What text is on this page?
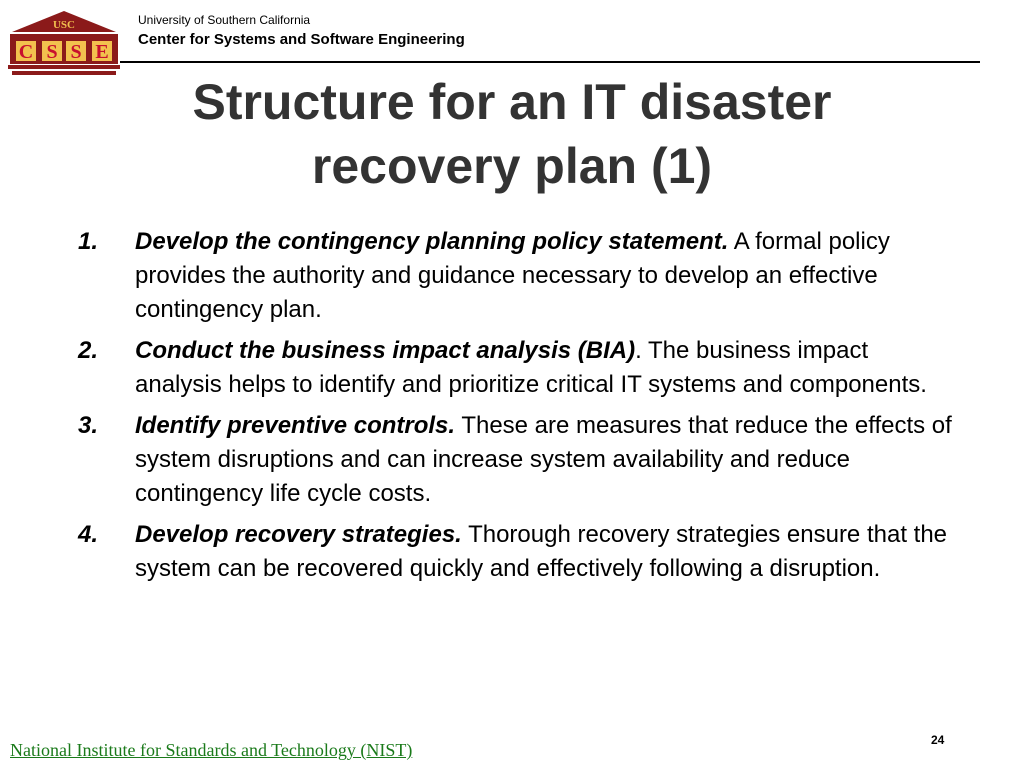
USC
C S S E
University of Southern California
Center for Systems and Software Engineering
Structure for an IT disaster
recovery plan (1)
1. Develop the contingency planning policy statement. A formal policy provides the authority and guidance necessary to develop an effective contingency plan.
2. Conduct the business impact analysis (BIA). The business impact analysis helps to identify and prioritize critical IT systems and components.
3. Identify preventive controls. These are measures that reduce the effects of system disruptions and can increase system availability and reduce contingency life cycle costs.
4. Develop recovery strategies. Thorough recovery strategies ensure that the system can be recovered quickly and effectively following a disruption.
National Institute for Standards and Technology (NIST)	24
